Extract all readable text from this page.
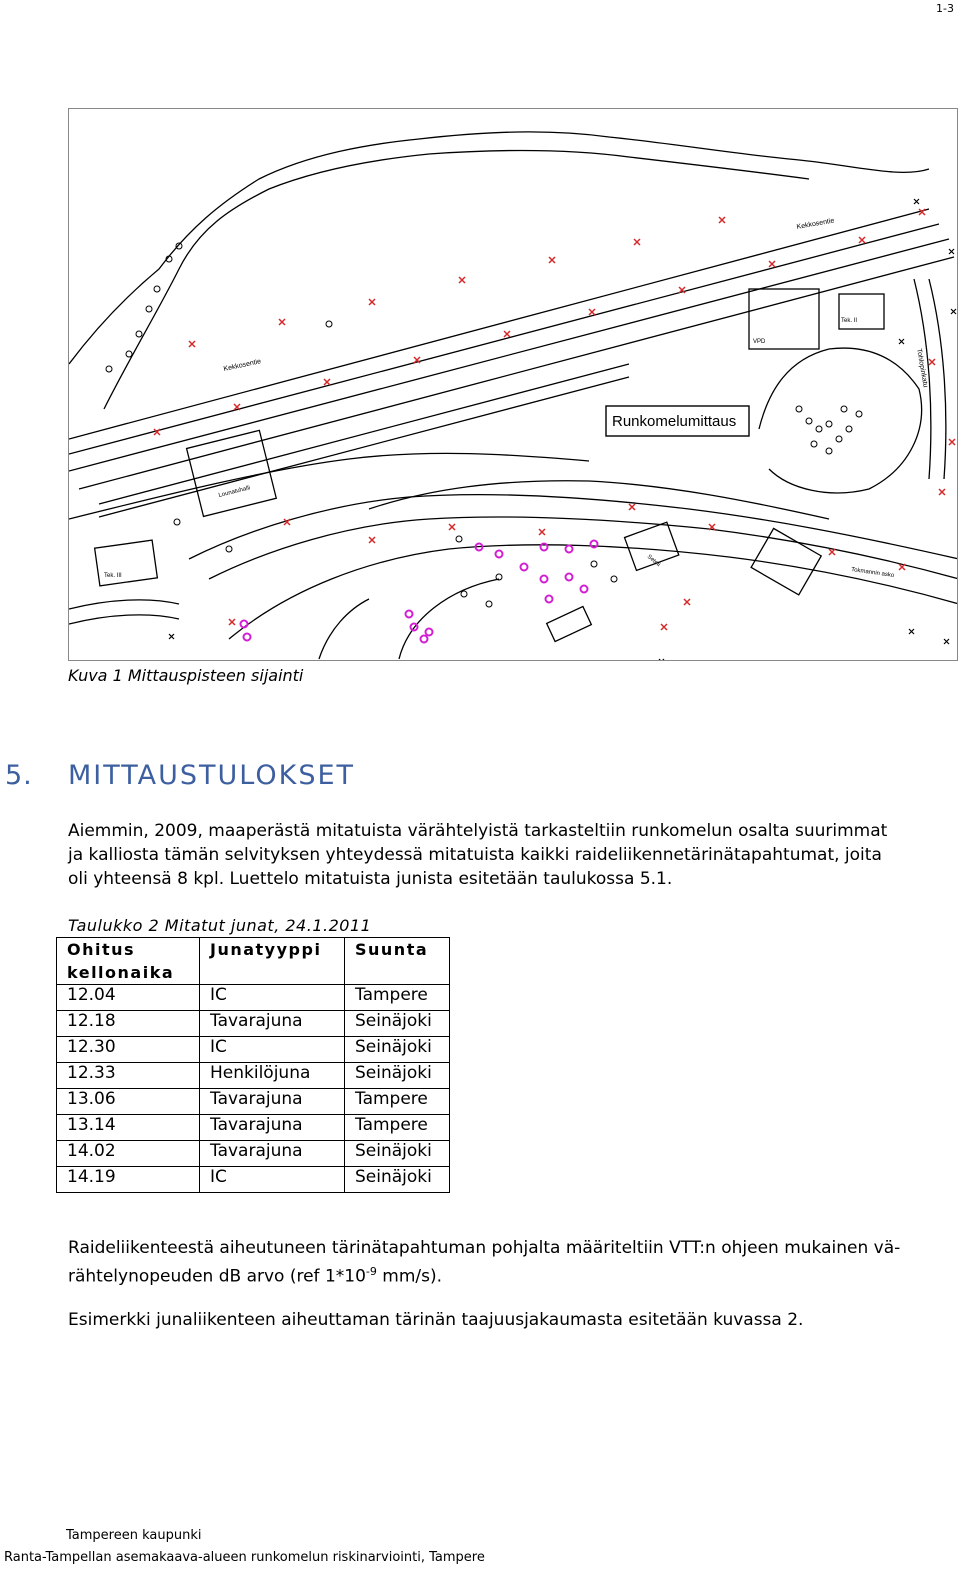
1-3
Runkomelumittaus
Kekkosentie
Kekkosentie	Tohlopinkatu
VPD
Tek. II
Lounatuhalli
Tek. III	Tokmannin asko
Seteli
Kuva 1 Mittauspisteen sijainti
5. MITTAUSTULOKSET
Aiemmin, 2009, maaperästä mitatuista värähtelyistä tarkasteltiin runkomelun osalta suurimmat
ja kalliosta tämän selvityksen yhteydessä mitatuista kaikki raideliikennetärinätapahtumat, joita
oli yhteensä 8 kpl. Luettelo mitatuista junista esitetään taulukossa 5.1.
Taulukko 2 Mitatut junat, 24.1.2011
Ohitus
kellonaika	Junatyyppi	Suunta
12.04	IC	Tampere
12.18	Tavarajuna	Seinäjoki
12.30	IC	Seinäjoki
12.33	Henkilöjuna	Seinäjoki
13.06	Tavarajuna	Tampere
13.14	Tavarajuna	Tampere
14.02	Tavarajuna	Seinäjoki
14.19	IC	Seinäjoki
Raideliikenteestä aiheutuneen tärinätapahtuman pohjalta määriteltiin VTT:n ohjeen mukainen vä-
rähtelynopeuden dB arvo (ref $1*10^{-9}$ mm/s).
Esimerkki junaliikenteen aiheuttaman tärinän taajuusjakaumasta esitetään kuvassa 2.
Tampereen kaupunki
Ranta-Tampellan asemakaava-alueen runkomelun riskinarviointi, Tampere
